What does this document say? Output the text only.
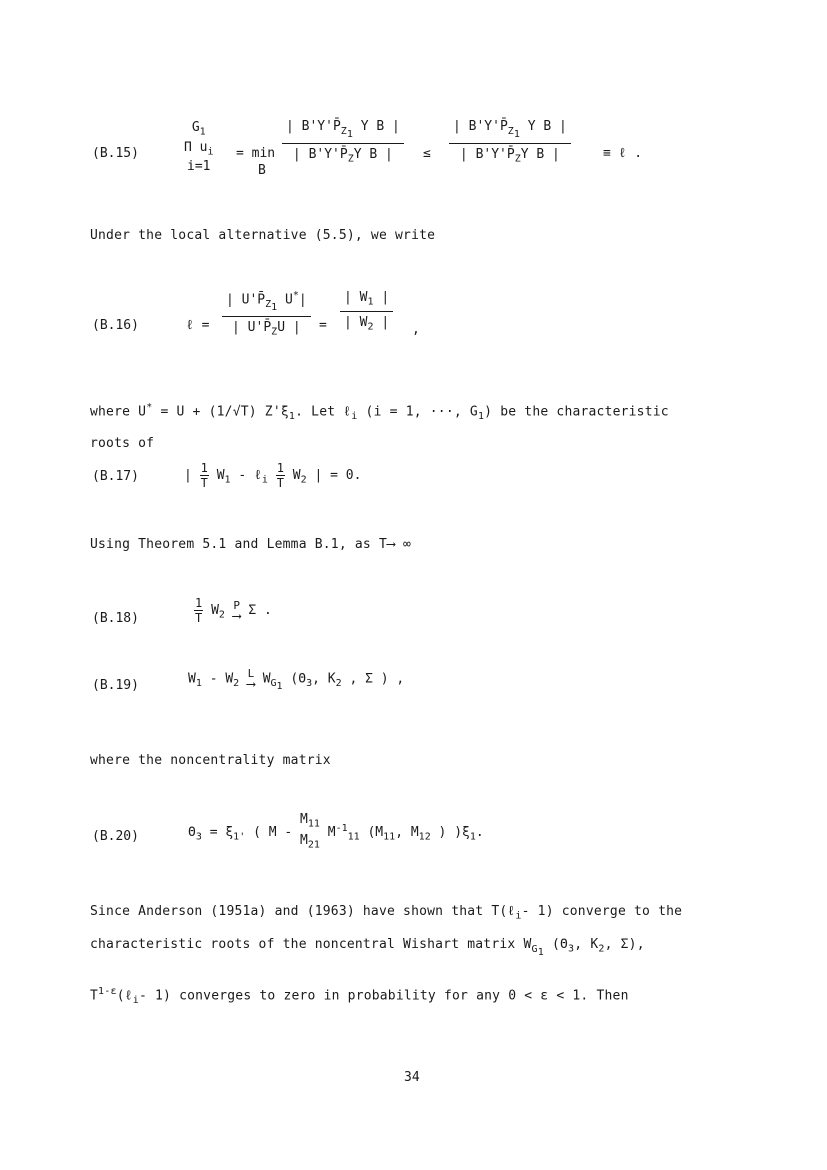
(B.15)
$G_1$
Π $u_i$
i=1
= min
B
$\frac{| B'Y'P̄_{Z_1} Y B |}{| B'Y'P̄_ZY B |} \le \frac{| B'Y'P̄_{Z_1} Y B |}{| B'Y'P̄_ZY B |}$ ≡ ℓ .
Under the local alternative (5.5), we write
(B.16)	ℓ = $\frac{| U'P̄_{Z_1} U^*|}{| U'P̄_ZU |} = \frac{| W_1 |}{| W_2 |}$ ,
where U* = U + (1/√T) $Z'\xi_1$. Let ℓ$_i$ (i = 1, ···, $G_1$) be the characteristic
roots of
(B.17)	| $\frac{1}{T} W_1$ - ℓ$_i$ $\frac{1}{T} W_2$ | = 0.
Using Theorem 5.1 and Lemma B.1, as T⟶ ∞
(B.18)	$\frac{1}{T} W_2$
P
⟶ Σ .
(B.19)	$W_1 - W_2$
L
⟶ $W_{G_1}$ ($\Theta_3$, $K_2$ , Σ ) ,
where the noncentrality matrix
(B.20)	$\Theta_3 = \xi_{1'}$ ( M -
$M_{11}$
$M_{21}$
$M^{-1}_{11}$ ($M_{11}$, $M_{12}$ ) )$\xi_1$.
Since Anderson (1951a) and (1963) have shown that T(ℓ$_i$- 1) converge to the
characteristic roots of the noncentral Wishart matrix $W_{G_1}$ ($\Theta_3$, $K_2$, Σ),
$T^{1-\varepsilon}(\ell_i-$ 1) converges to zero in probability for any 0 < ε < 1. Then
34
